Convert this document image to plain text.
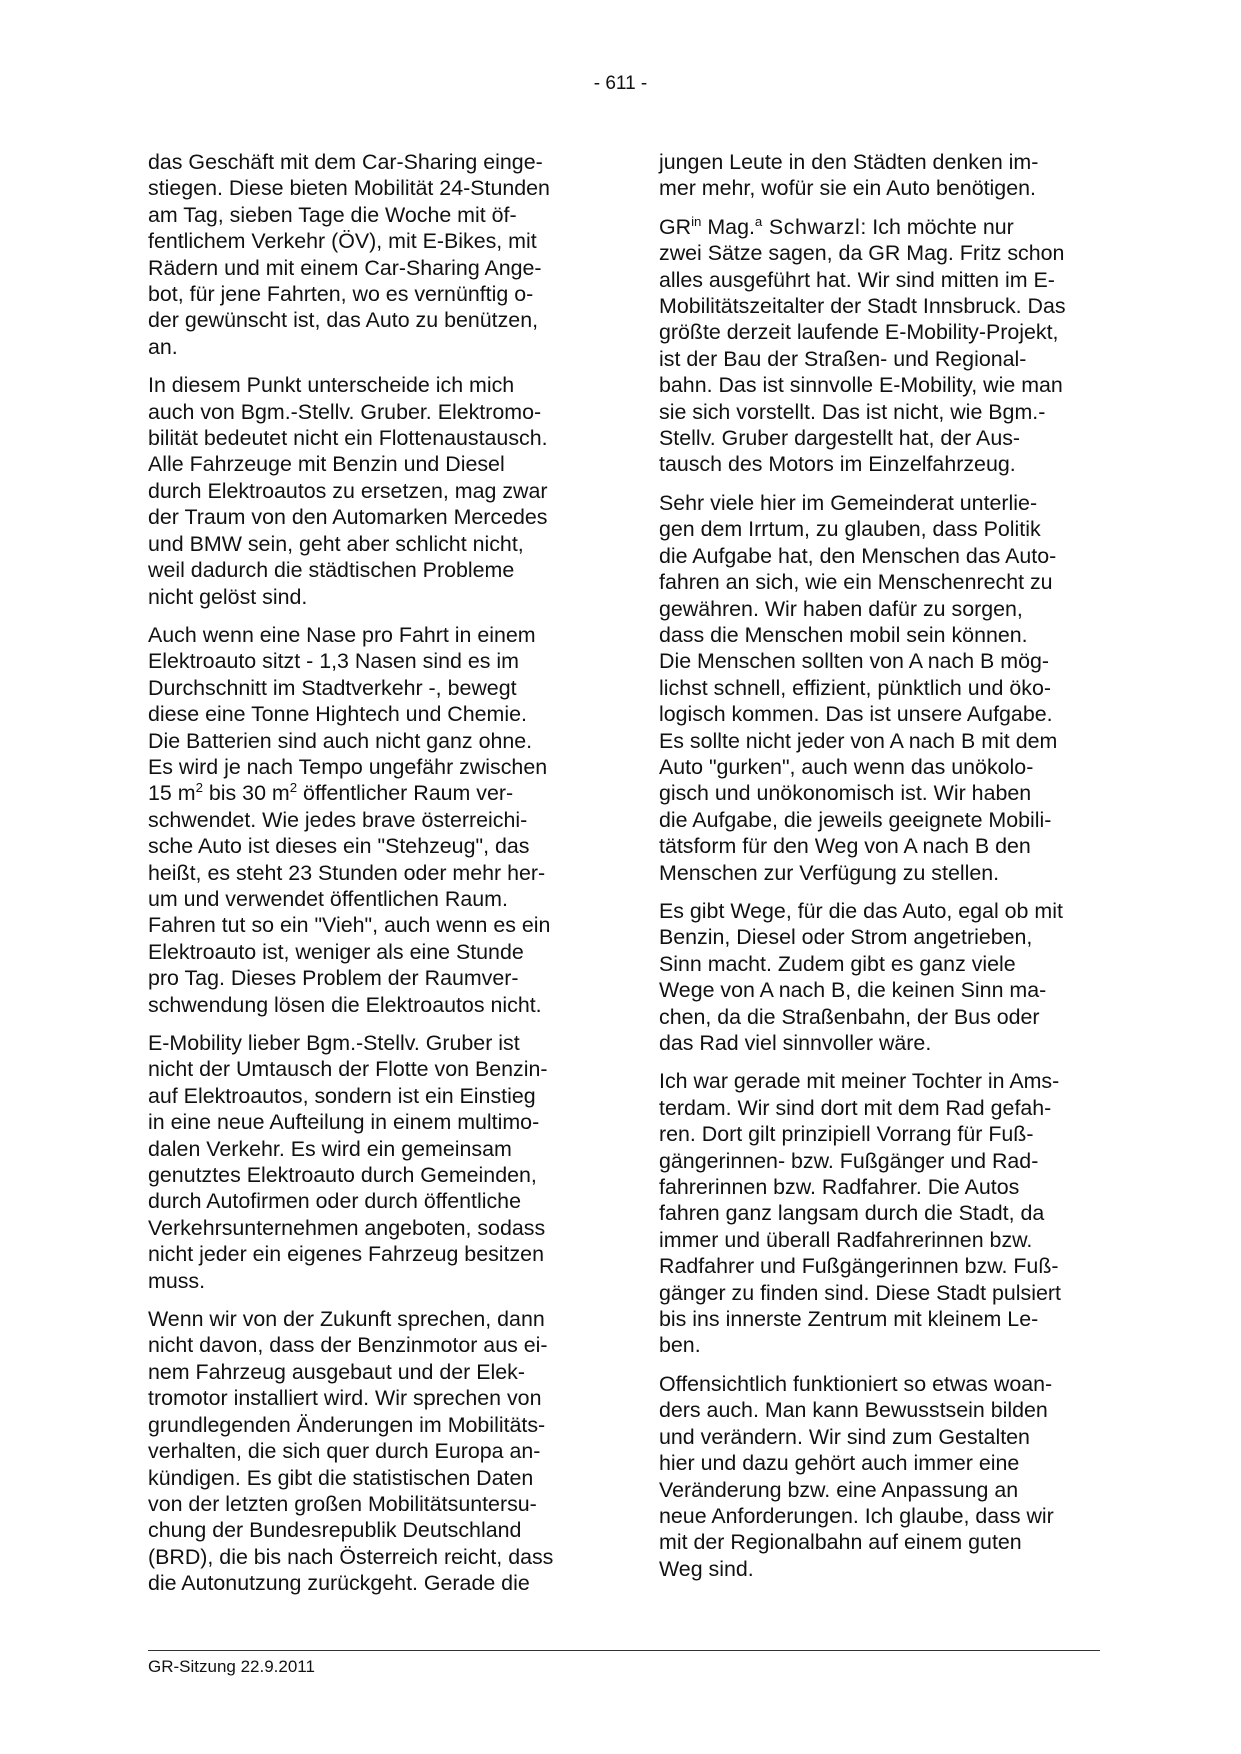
- 611 -

das Geschäft mit dem Car-Sharing einge-
stiegen. Diese bieten Mobilität 24-Stunden
am Tag, sieben Tage die Woche mit öf-
fentlichem Verkehr (ÖV), mit E-Bikes, mit
Rädern und mit einem Car-Sharing Ange-
bot, für jene Fahrten, wo es vernünftig o-
der gewünscht ist, das Auto zu benützen,
an.

In diesem Punkt unterscheide ich mich
auch von Bgm.-Stellv. Gruber. Elektromo-
bilität bedeutet nicht ein Flottenaustausch.
Alle Fahrzeuge mit Benzin und Diesel
durch Elektroautos zu ersetzen, mag zwar
der Traum von den Automarken Mercedes
und BMW sein, geht aber schlicht nicht,
weil dadurch die städtischen Probleme
nicht gelöst sind.

Auch wenn eine Nase pro Fahrt in einem
Elektroauto sitzt - 1,3 Nasen sind es im
Durchschnitt im Stadtverkehr -, bewegt
diese eine Tonne Hightech und Chemie.
Die Batterien sind auch nicht ganz ohne.
Es wird je nach Tempo ungefähr zwischen
15 $m^2$ bis 30 $m^2$ öffentlicher Raum ver-
schwendet. Wie jedes brave österreichi-
sche Auto ist dieses ein "Stehzeug", das
heißt, es steht 23 Stunden oder mehr her-
um und verwendet öffentlichen Raum.
Fahren tut so ein "Vieh", auch wenn es ein
Elektroauto ist, weniger als eine Stunde
pro Tag. Dieses Problem der Raumver-
schwendung lösen die Elektroautos nicht.

E-Mobility lieber Bgm.-Stellv. Gruber ist
nicht der Umtausch der Flotte von Benzin-
auf Elektroautos, sondern ist ein Einstieg
in eine neue Aufteilung in einem multimo-
dalen Verkehr. Es wird ein gemeinsam
genutztes Elektroauto durch Gemeinden,
durch Autofirmen oder durch öffentliche
Verkehrsunternehmen angeboten, sodass
nicht jeder ein eigenes Fahrzeug besitzen
muss.

Wenn wir von der Zukunft sprechen, dann
nicht davon, dass der Benzinmotor aus ei-
nem Fahrzeug ausgebaut und der Elek-
tromotor installiert wird. Wir sprechen von
grundlegenden Änderungen im Mobilitäts-
verhalten, die sich quer durch Europa an-
kündigen. Es gibt die statistischen Daten
von der letzten großen Mobilitätsuntersu-
chung der Bundesrepublik Deutschland
(BRD), die bis nach Österreich reicht, dass
die Autonutzung zurückgeht. Gerade die

jungen Leute in den Städten denken im-
mer mehr, wofür sie ein Auto benötigen.

$GR^{in}$ Mag.$^a$ Schwarzl: Ich möchte nur
zwei Sätze sagen, da GR Mag. Fritz schon
alles ausgeführt hat. Wir sind mitten im E-
Mobilitätszeitalter der Stadt Innsbruck. Das
größte derzeit laufende E-Mobility-Projekt,
ist der Bau der Straßen- und Regional-
bahn. Das ist sinnvolle E-Mobility, wie man
sie sich vorstellt. Das ist nicht, wie Bgm.-
Stellv. Gruber dargestellt hat, der Aus-
tausch des Motors im Einzelfahrzeug.

Sehr viele hier im Gemeinderat unterlie-
gen dem Irrtum, zu glauben, dass Politik
die Aufgabe hat, den Menschen das Auto-
fahren an sich, wie ein Menschenrecht zu
gewähren. Wir haben dafür zu sorgen,
dass die Menschen mobil sein können.
Die Menschen sollten von A nach B mög-
lichst schnell, effizient, pünktlich und öko-
logisch kommen. Das ist unsere Aufgabe.
Es sollte nicht jeder von A nach B mit dem
Auto "gurken", auch wenn das unökolo-
gisch und unökonomisch ist. Wir haben
die Aufgabe, die jeweils geeignete Mobili-
tätsform für den Weg von A nach B den
Menschen zur Verfügung zu stellen.

Es gibt Wege, für die das Auto, egal ob mit
Benzin, Diesel oder Strom angetrieben,
Sinn macht. Zudem gibt es ganz viele
Wege von A nach B, die keinen Sinn ma-
chen, da die Straßenbahn, der Bus oder
das Rad viel sinnvoller wäre.

Ich war gerade mit meiner Tochter in Ams-
terdam. Wir sind dort mit dem Rad gefah-
ren. Dort gilt prinzipiell Vorrang für Fuß-
gängerinnen- bzw. Fußgänger und Rad-
fahrerinnen bzw. Radfahrer. Die Autos
fahren ganz langsam durch die Stadt, da
immer und überall Radfahrerinnen bzw.
Radfahrer und Fußgängerinnen bzw. Fuß-
gänger zu finden sind. Diese Stadt pulsiert
bis ins innerste Zentrum mit kleinem Le-
ben.

Offensichtlich funktioniert so etwas woan-
ders auch. Man kann Bewusstsein bilden
und verändern. Wir sind zum Gestalten
hier und dazu gehört auch immer eine
Veränderung bzw. eine Anpassung an
neue Anforderungen. Ich glaube, dass wir
mit der Regionalbahn auf einem guten
Weg sind.

GR-Sitzung 22.9.2011
